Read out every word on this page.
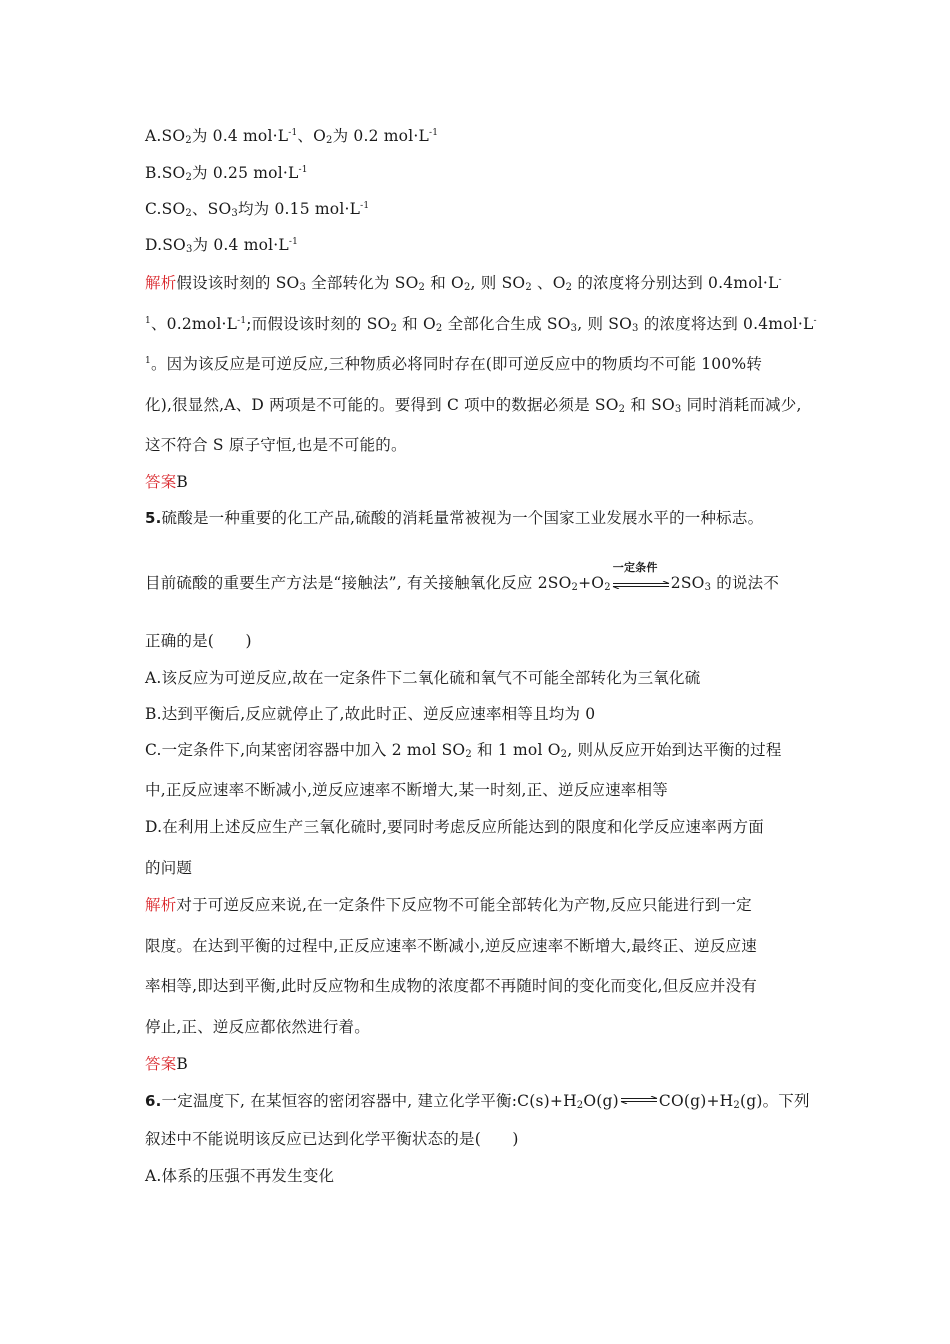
$A.SO_2$为 0.4 $mol\cdot L^{-1}$、$O_2$为 0.2 $mol\cdot L^{-1}$
$B.SO_2$为 0.25 $mol\cdot L^{-1}$
$C.SO_2$、$SO_3$均为 0.15 $mol\cdot L^{-1}$
$D.SO_3$为 0.4 $mol\cdot L^{-1}$
解析假设该时刻的 $SO_3$ 全部转化为 $SO_2$ 和 $O_2$, 则 $SO_2$ 、$O_2$ 的浓度将分别达到 0.4mol·L-
$^1$、$0.2mol\cdot L^{-1}$;而假设该时刻的 $SO_2$ 和 $O_2$ 全部化合生成 $SO_3$, 则 $SO_3$ 的浓度将达到 0.4mol·L-
$^1$。因为该反应是可逆反应,三种物质必将同时存在(即可逆反应中的物质均不可能 100%转
化),很显然,A、D 两项是不可能的。要得到 C 项中的数据必须是 $SO_2$ 和 $SO_3$ 同时消耗而减少,
这不符合 S 原子守恒,也是不可能的。
答案B
5.硫酸是一种重要的化工产品,硫酸的消耗量常被视为一个国家工业发展水平的一种标志。
目前硫酸的重要生产方法是“接触法”, 有关接触氧化反应 $2SO_2+O_2$
一定条件
$2SO_3$ 的说法不
正确的是(　　)
A.该反应为可逆反应,故在一定条件下二氧化硫和氧气不可能全部转化为三氧化硫
B.达到平衡后,反应就停止了,故此时正、逆反应速率相等且均为 0
C.一定条件下,向某密闭容器中加入 2 mol $SO_2$ 和 1 mol $O_2$, 则从反应开始到达平衡的过程
中,正反应速率不断减小,逆反应速率不断增大,某一时刻,正、逆反应速率相等
D.在利用上述反应生产三氧化硫时,要同时考虑反应所能达到的限度和化学反应速率两方面
的问题
解析对于可逆反应来说,在一定条件下反应物不可能全部转化为产物,反应只能进行到一定
限度。在达到平衡的过程中,正反应速率不断减小,逆反应速率不断增大,最终正、逆反应速
率相等,即达到平衡,此时反应物和生成物的浓度都不再随时间的变化而变化,但反应并没有
停止,正、逆反应都依然进行着。
答案B
6.一定温度下, 在某恒容的密闭容器中, 建立化学平衡$:C(s)+H_2O(g)\rightleftharpoons CO(g)+H_2(g)$。下列
叙述中不能说明该反应已达到化学平衡状态的是(　　)
A.体系的压强不再发生变化
